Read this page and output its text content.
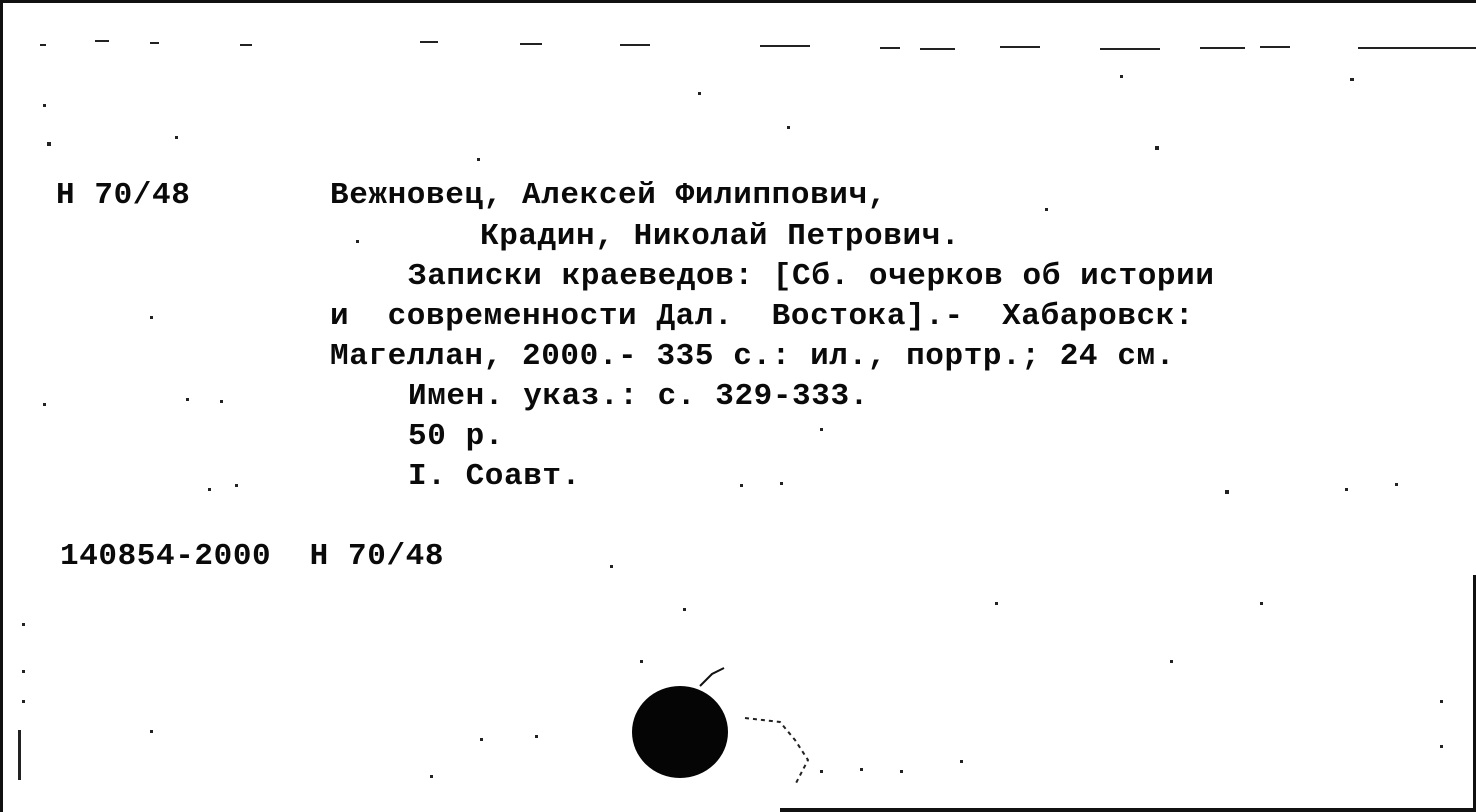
Н 70/48	Вежновец, Алексей Филиппович,
Крадин, Николай Петрович.
Записки краеведов: [Сб. очерков об истории
и  современности Дал.  Востока].-  Хабаровск:
Магеллан, 2000.- 335 с.: ил., портр.; 24 см.
Имен. указ.: с. 329-333.
50 р.
I. Соавт.
140854-2000  Н 70/48
